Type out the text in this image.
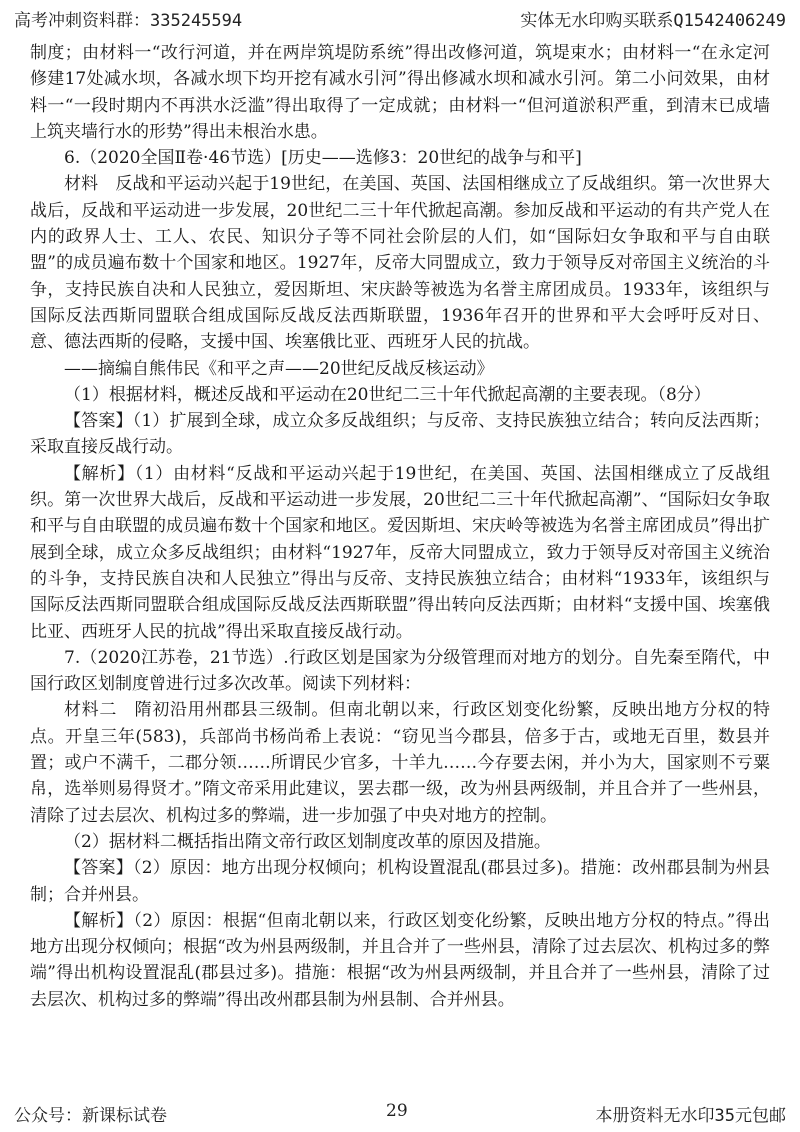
高考冲刺资料群：335245594	实体无水印购买联系Q1542406249

制度；由材料一“改行河道，并在两岸筑堤防系统”得出改修河道，筑堤束水；由材料一“在永定河修建17处减水坝，各减水坝下均开挖有减水引河”得出修减水坝和减水引河。第二小问效果，由材料一“一段时期内不再洪水泛滥”得出取得了一定成就；由材料一“但河道淤积严重，到清末已成墙上筑夹墙行水的形势”得出未根治水患。

6.（2020全国Ⅱ卷·46节选）[历史——选修3：20世纪的战争与和平]

材料　反战和平运动兴起于19世纪，在美国、英国、法国相继成立了反战组织。第一次世界大战后，反战和平运动进一步发展，20世纪二三十年代掀起高潮。参加反战和平运动的有共产党人在内的政界人士、工人、农民、知识分子等不同社会阶层的人们，如“国际妇女争取和平与自由联盟”的成员遍布数十个国家和地区。1927年，反帝大同盟成立，致力于领导反对帝国主义统治的斗争，支持民族自决和人民独立，爱因斯坦、宋庆龄等被选为名誉主席团成员。1933年，该组织与国际反法西斯同盟联合组成国际反战反法西斯联盟，1936年召开的世界和平大会呼吁反对日、意、德法西斯的侵略，支援中国、埃塞俄比亚、西班牙人民的抗战。

——摘编自熊伟民《和平之声——20世纪反战反核运动》

（1）根据材料，概述反战和平运动在20世纪二三十年代掀起高潮的主要表现。（8分）

【答案】（1）扩展到全球，成立众多反战组织；与反帝、支持民族独立结合；转向反法西斯；采取直接反战行动。

【解析】（1）由材料“反战和平运动兴起于19世纪，在美国、英国、法国相继成立了反战组织。第一次世界大战后，反战和平运动进一步发展，20世纪二三十年代掀起高潮”、“国际妇女争取和平与自由联盟的成员遍布数十个国家和地区。爱因斯坦、宋庆岭等被选为名誉主席团成员”得出扩展到全球，成立众多反战组织；由材料“1927年，反帝大同盟成立，致力于领导反对帝国主义统治的斗争，支持民族自决和人民独立”得出与反帝、支持民族独立结合；由材料“1933年，该组织与国际反法西斯同盟联合组成国际反战反法西斯联盟”得出转向反法西斯；由材料“支援中国、埃塞俄比亚、西班牙人民的抗战”得出采取直接反战行动。

7.（2020江苏卷，21节选）.行政区划是国家为分级管理而对地方的划分。自先秦至隋代，中国行政区划制度曾进行过多次改革。阅读下列材料：

材料二　隋初沿用州郡县三级制。但南北朝以来，行政区划变化纷繁，反映出地方分权的特点。开皇三年(583)，兵部尚书杨尚希上表说：“窃见当今郡县，倍多于古，或地无百里，数县并置；或户不满千，二郡分领……所谓民少官多，十羊九……今存要去闲，并小为大，国家则不亏粟帛，选举则易得贤才。”隋文帝采用此建议，罢去郡一级，改为州县两级制，并且合并了一些州县，清除了过去层次、机构过多的弊端，进一步加强了中央对地方的控制。

（2）据材料二概括指出隋文帝行政区划制度改革的原因及措施。

【答案】（2）原因：地方出现分权倾向；机构设置混乱(郡县过多)。措施：改州郡县制为州县制；合并州县。

【解析】（2）原因：根据“但南北朝以来，行政区划变化纷繁，反映出地方分权的特点。”得出地方出现分权倾向；根据“改为州县两级制，并且合并了一些州县，清除了过去层次、机构过多的弊端”得出机构设置混乱(郡县过多)。措施：根据“改为州县两级制，并且合并了一些州县，清除了过去层次、机构过多的弊端”得出改州郡县制为州县制、合并州县。

公众号：新课标试卷	29	本册资料无水印35元包邮
